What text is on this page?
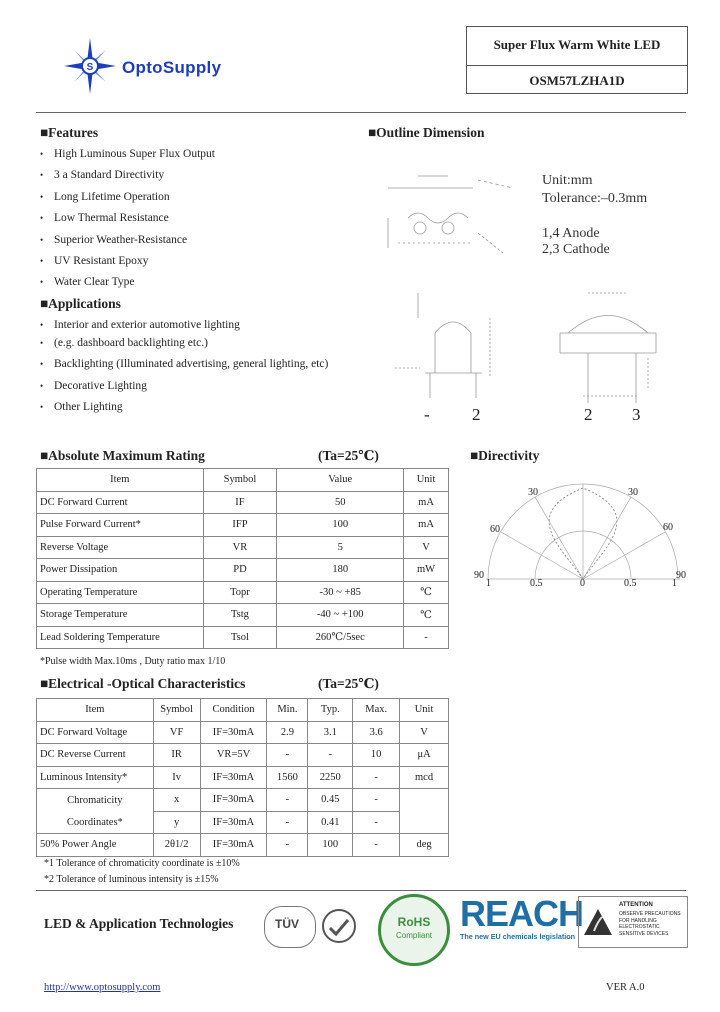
S OptoSupply
Super Flux Warm White LED
OSM57LZHA1D
■Features
• High Luminous Super Flux Output
• 3 a Standard Directivity
• Long Lifetime Operation
• Low Thermal Resistance
• Superior Weather-Resistance
• UV Resistant Epoxy
• Water Clear Type
■Applications
• Interior and exterior automotive lighting
• (e.g. dashboard backlighting etc.)
• Backlighting (Illuminated advertising, general lighting, etc)
• Decorative Lighting
• Other Lighting
■Outline Dimension
Unit:mm
Tolerance:–0.3mm
1,4 Anode
2,3 Cathode
- 2	2 3
■Absolute Maximum Rating	(Ta=25℃)
Item	Symbol	Value	Unit
DC Forward Current	IF	50	mA
Pulse Forward Current*	IFP	100	mA
Reverse Voltage	VR	5	V
Power Dissipation	PD	180	mW
Operating Temperature	Topr	-30 ~ +85	℃
Storage Temperature	Tstg	-40 ~ +100	℃
Lead Soldering Temperature	Tsol	260℃/5sec	-
*Pulse width Max.10ms , Duty ratio max 1/10
■Directivity
30	30
60	60
90	90
1	0.5	0	0.5	1
■Electrical -Optical Characteristics	(Ta=25℃)
Item	Symbol	Condition	Min.	Typ.	Max.	Unit
DC Forward Voltage	VF	IF=30mA	2.9	3.1	3.6	V
DC Reverse Current	IR	VR=5V	-	-	10	μA
Luminous Intensity*	Iv	IF=30mA	1560	2250	-	mcd
Chromaticity	x	IF=30mA	-	0.45	-	
Coordinates*	y	IF=30mA	-	0.41	-	
50% Power Angle	2θ1/2	IF=30mA	-	100	-	deg
*1 Tolerance of chromaticity coordinate is ±10%
*2 Tolerance of luminous intensity is ±15%
LED & Application Technologies	TÜV	RoHS
Compliant
REACH
The new EU chemicals legislation
ATTENTION
OBSERVE PRECAUTIONS FOR HANDLING ELECTROSTATIC SENSITIVE DEVICES
http://www.optosupply.com	VER A.0
